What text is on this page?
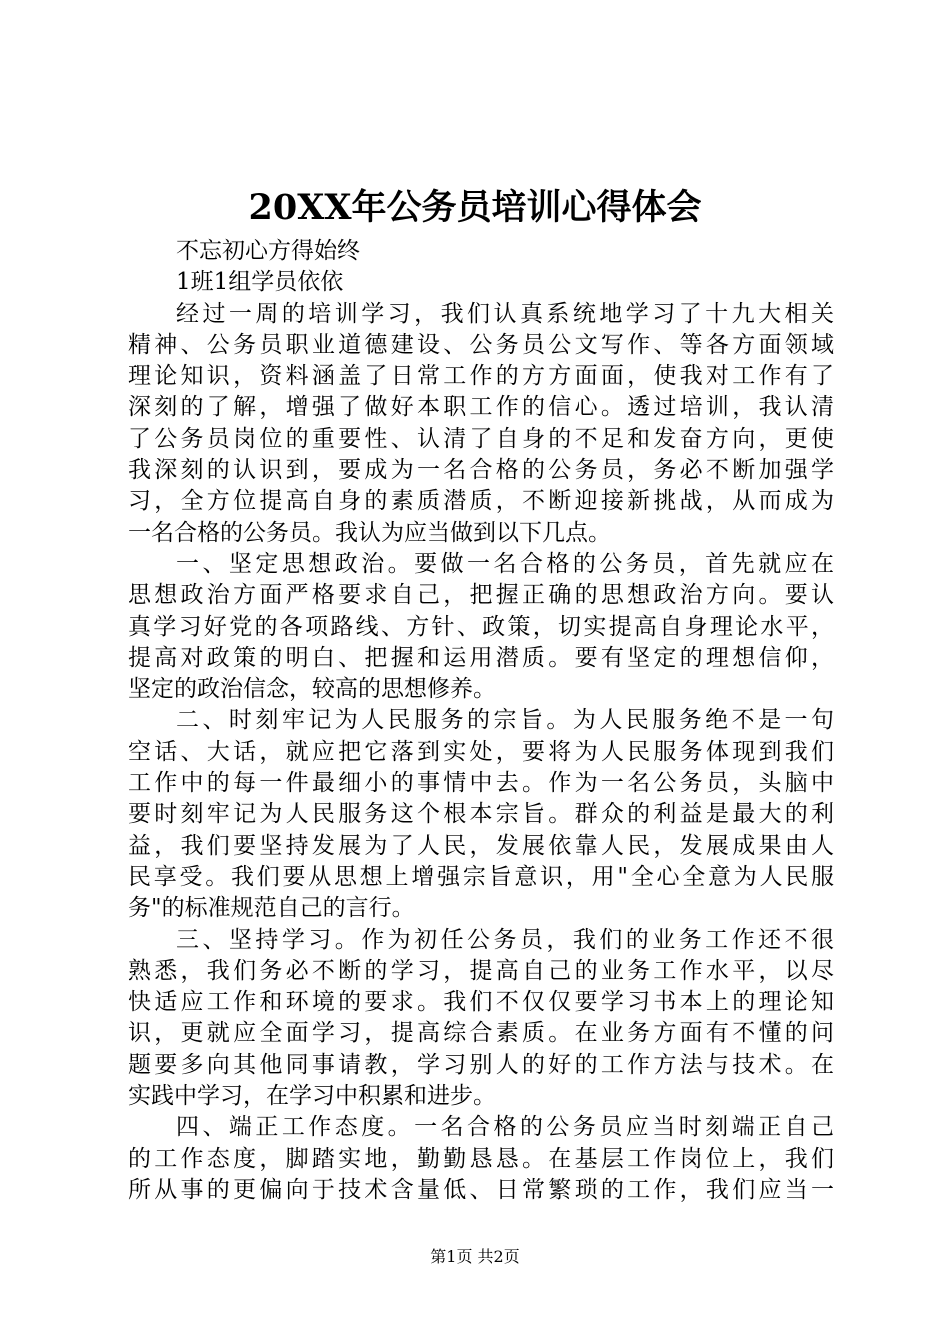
20XX年公务员培训心得体会
不忘初心方得始终
1班1组学员依依
经过一周的培训学习，我们认真系统地学习了十九大相关
精神、公务员职业道德建设、公务员公文写作、等各方面领域
理论知识，资料涵盖了日常工作的方方面面，使我对工作有了
深刻的了解，增强了做好本职工作的信心。透过培训，我认清
了公务员岗位的重要性、认清了自身的不足和发奋方向，更使
我深刻的认识到，要成为一名合格的公务员，务必不断加强学
习，全方位提高自身的素质潜质，不断迎接新挑战，从而成为
一名合格的公务员。我认为应当做到以下几点。
一、坚定思想政治。要做一名合格的公务员，首先就应在
思想政治方面严格要求自己，把握正确的思想政治方向。要认
真学习好党的各项路线、方针、政策，切实提高自身理论水平，
提高对政策的明白、把握和运用潜质。要有坚定的理想信仰，
坚定的政治信念，较高的思想修养。
二、时刻牢记为人民服务的宗旨。为人民服务绝不是一句
空话、大话，就应把它落到实处，要将为人民服务体现到我们
工作中的每一件最细小的事情中去。作为一名公务员，头脑中
要时刻牢记为人民服务这个根本宗旨。群众的利益是最大的利
益，我们要坚持发展为了人民，发展依靠人民，发展成果由人
民享受。我们要从思想上增强宗旨意识，用"全心全意为人民服
务"的标准规范自己的言行。
三、坚持学习。作为初任公务员，我们的业务工作还不很
熟悉，我们务必不断的学习，提高自己的业务工作水平，以尽
快适应工作和环境的要求。我们不仅仅要学习书本上的理论知
识，更就应全面学习，提高综合素质。在业务方面有不懂的问
题要多向其他同事请教，学习别人的好的工作方法与技术。在
实践中学习，在学习中积累和进步。
四、端正工作态度。一名合格的公务员应当时刻端正自己
的工作态度，脚踏实地，勤勤恳恳。在基层工作岗位上，我们
所从事的更偏向于技术含量低、日常繁琐的工作，我们应当一
第1页 共2页
